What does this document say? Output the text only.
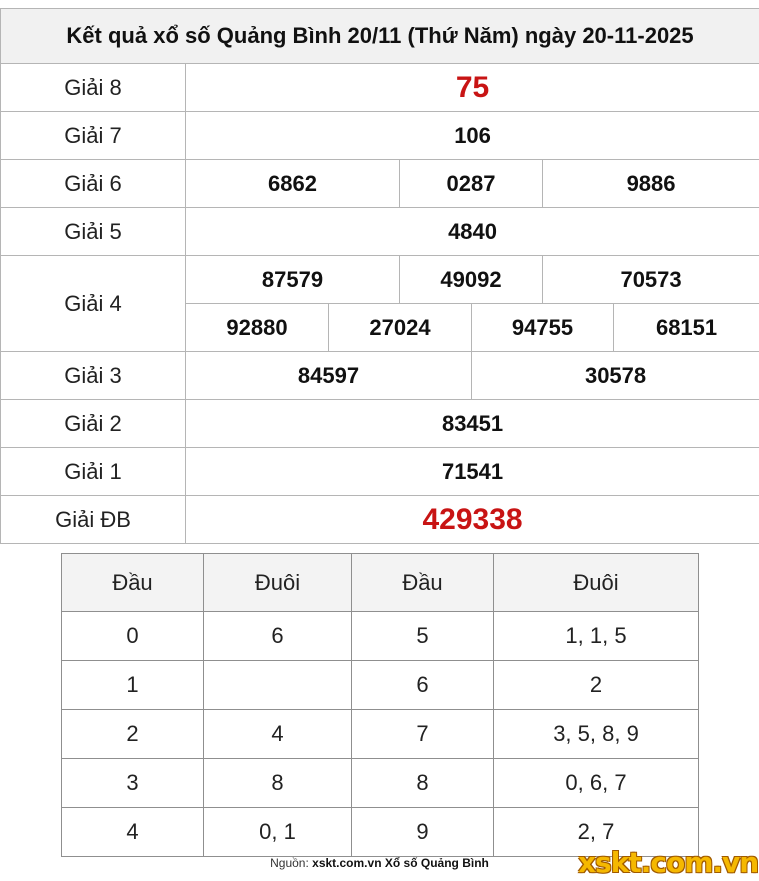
Kết quả xổ số Quảng Bình 20/11 (Thứ Năm) ngày 20-11-2025						
Giải 8	75					
Giải 7	106					
Giải 6	6862		0287		9886	
Giải 5	4840					
Giải 4	87579		49092		70573	
	92880	27024		94755		68151
Giải 3	84597			30578		
Giải 2	83451					
Giải 1	71541					
Giải ĐB	429338					
Đầu	Đuôi	Đầu	Đuôi
0	6	5	1, 1, 5
1		6	2
2	4	7	3, 5, 8, 9
3	8	8	0, 6, 7
4	0, 1	9	2, 7
Nguồn: xskt.com.vn Xổ số Quảng Bình	xskt.com.vn
